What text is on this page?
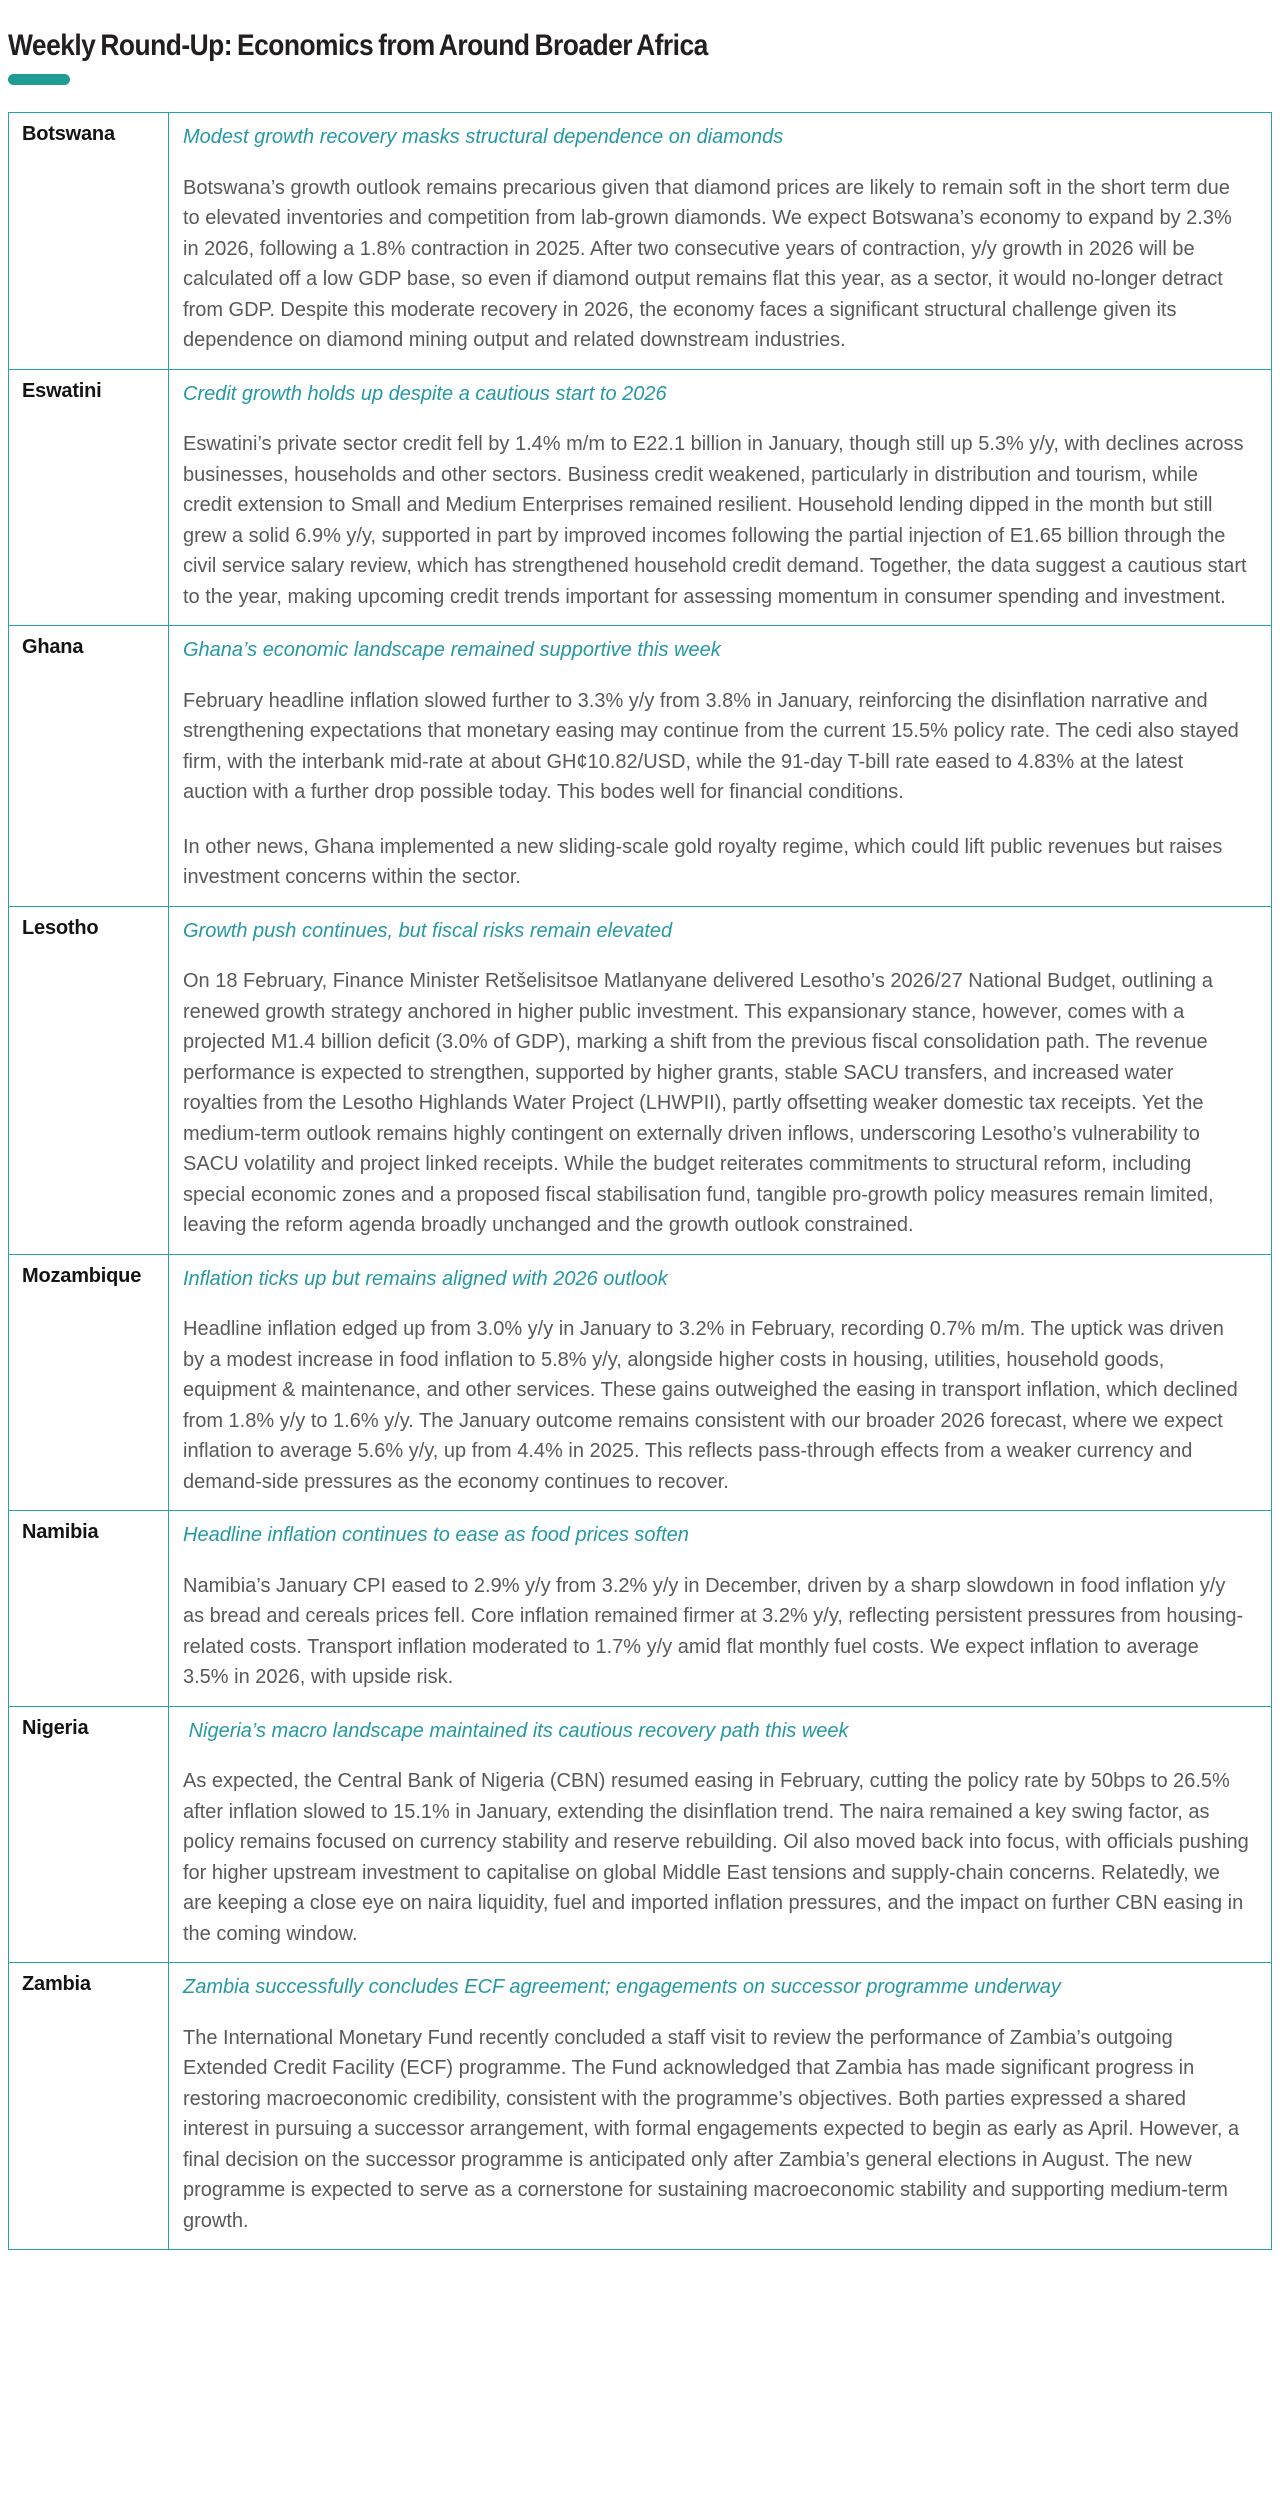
Weekly Round-Up: Economics from Around Broader Africa
Botswana	Modest growth recovery masks structural dependence on diamonds

Botswana’s growth outlook remains precarious given that diamond prices are likely to remain soft in the short term due to elevated inventories and competition from lab-grown diamonds. We expect Botswana’s economy to expand by 2.3% in 2026, following a 1.8% contraction in 2025. After two consecutive years of contraction, y/y growth in 2026 will be calculated off a low GDP base, so even if diamond output remains flat this year, as a sector, it would no-longer detract from GDP. Despite this moderate recovery in 2026, the economy faces a significant structural challenge given its dependence on diamond mining output and related downstream industries.

Eswatini	Credit growth holds up despite a cautious start to 2026

Eswatini’s private sector credit fell by 1.4% m/m to E22.1 billion in January, though still up 5.3% y/y, with declines across businesses, households and other sectors. Business credit weakened, particularly in distribution and tourism, while credit extension to Small and Medium Enterprises remained resilient. Household lending dipped in the month but still grew a solid 6.9% y/y, supported in part by improved incomes following the partial injection of E1.65 billion through the civil service salary review, which has strengthened household credit demand. Together, the data suggest a cautious start to the year, making upcoming credit trends important for assessing momentum in consumer spending and investment.

Ghana	Ghana’s economic landscape remained supportive this week

February headline inflation slowed further to 3.3% y/y from 3.8% in January, reinforcing the disinflation narrative and strengthening expectations that monetary easing may continue from the current 15.5% policy rate. The cedi also stayed firm, with the interbank mid-rate at about GH¢10.82/USD, while the 91-day T-bill rate eased to 4.83% at the latest auction with a further drop possible today. This bodes well for financial conditions.

In other news, Ghana implemented a new sliding-scale gold royalty regime, which could lift public revenues but raises investment concerns within the sector.

Lesotho	Growth push continues, but fiscal risks remain elevated

On 18 February, Finance Minister Retšelisitsoe Matlanyane delivered Lesotho’s 2026/27 National Budget, outlining a renewed growth strategy anchored in higher public investment. This expansionary stance, however, comes with a projected M1.4 billion deficit (3.0% of GDP), marking a shift from the previous fiscal consolidation path. The revenue performance is expected to strengthen, supported by higher grants, stable SACU transfers, and increased water royalties from the Lesotho Highlands Water Project (LHWPII), partly offsetting weaker domestic tax receipts. Yet the medium-term outlook remains highly contingent on externally driven inflows, underscoring Lesotho’s vulnerability to SACU volatility and project linked receipts. While the budget reiterates commitments to structural reform, including special economic zones and a proposed fiscal stabilisation fund, tangible pro-growth policy measures remain limited, leaving the reform agenda broadly unchanged and the growth outlook constrained.

Mozambique	Inflation ticks up but remains aligned with 2026 outlook

Headline inflation edged up from 3.0% y/y in January to 3.2% in February, recording 0.7% m/m. The uptick was driven by a modest increase in food inflation to 5.8% y/y, alongside higher costs in housing, utilities, household goods, equipment & maintenance, and other services. These gains outweighed the easing in transport inflation, which declined from 1.8% y/y to 1.6% y/y. The January outcome remains consistent with our broader 2026 forecast, where we expect inflation to average 5.6% y/y, up from 4.4% in 2025. This reflects pass-through effects from a weaker currency and demand-side pressures as the economy continues to recover.

Namibia	Headline inflation continues to ease as food prices soften

Namibia’s January CPI eased to 2.9% y/y from 3.2% y/y in December, driven by a sharp slowdown in food inflation y/y as bread and cereals prices fell. Core inflation remained firmer at 3.2% y/y, reflecting persistent pressures from housing-related costs. Transport inflation moderated to 1.7% y/y amid flat monthly fuel costs. We expect inflation to average 3.5% in 2026, with upside risk.

Nigeria	Nigeria’s macro landscape maintained its cautious recovery path this week

As expected, the Central Bank of Nigeria (CBN) resumed easing in February, cutting the policy rate by 50bps to 26.5% after inflation slowed to 15.1% in January, extending the disinflation trend. The naira remained a key swing factor, as policy remains focused on currency stability and reserve rebuilding. Oil also moved back into focus, with officials pushing for higher upstream investment to capitalise on global Middle East tensions and supply-chain concerns. Relatedly, we are keeping a close eye on naira liquidity, fuel and imported inflation pressures, and the impact on further CBN easing in the coming window.

Zambia	Zambia successfully concludes ECF agreement; engagements on successor programme underway

The International Monetary Fund recently concluded a staff visit to review the performance of Zambia’s outgoing Extended Credit Facility (ECF) programme. The Fund acknowledged that Zambia has made significant progress in restoring macroeconomic credibility, consistent with the programme’s objectives. Both parties expressed a shared interest in pursuing a successor arrangement, with formal engagements expected to begin as early as April. However, a final decision on the successor programme is anticipated only after Zambia’s general elections in August. The new programme is expected to serve as a cornerstone for sustaining macroeconomic stability and supporting medium-term growth.
